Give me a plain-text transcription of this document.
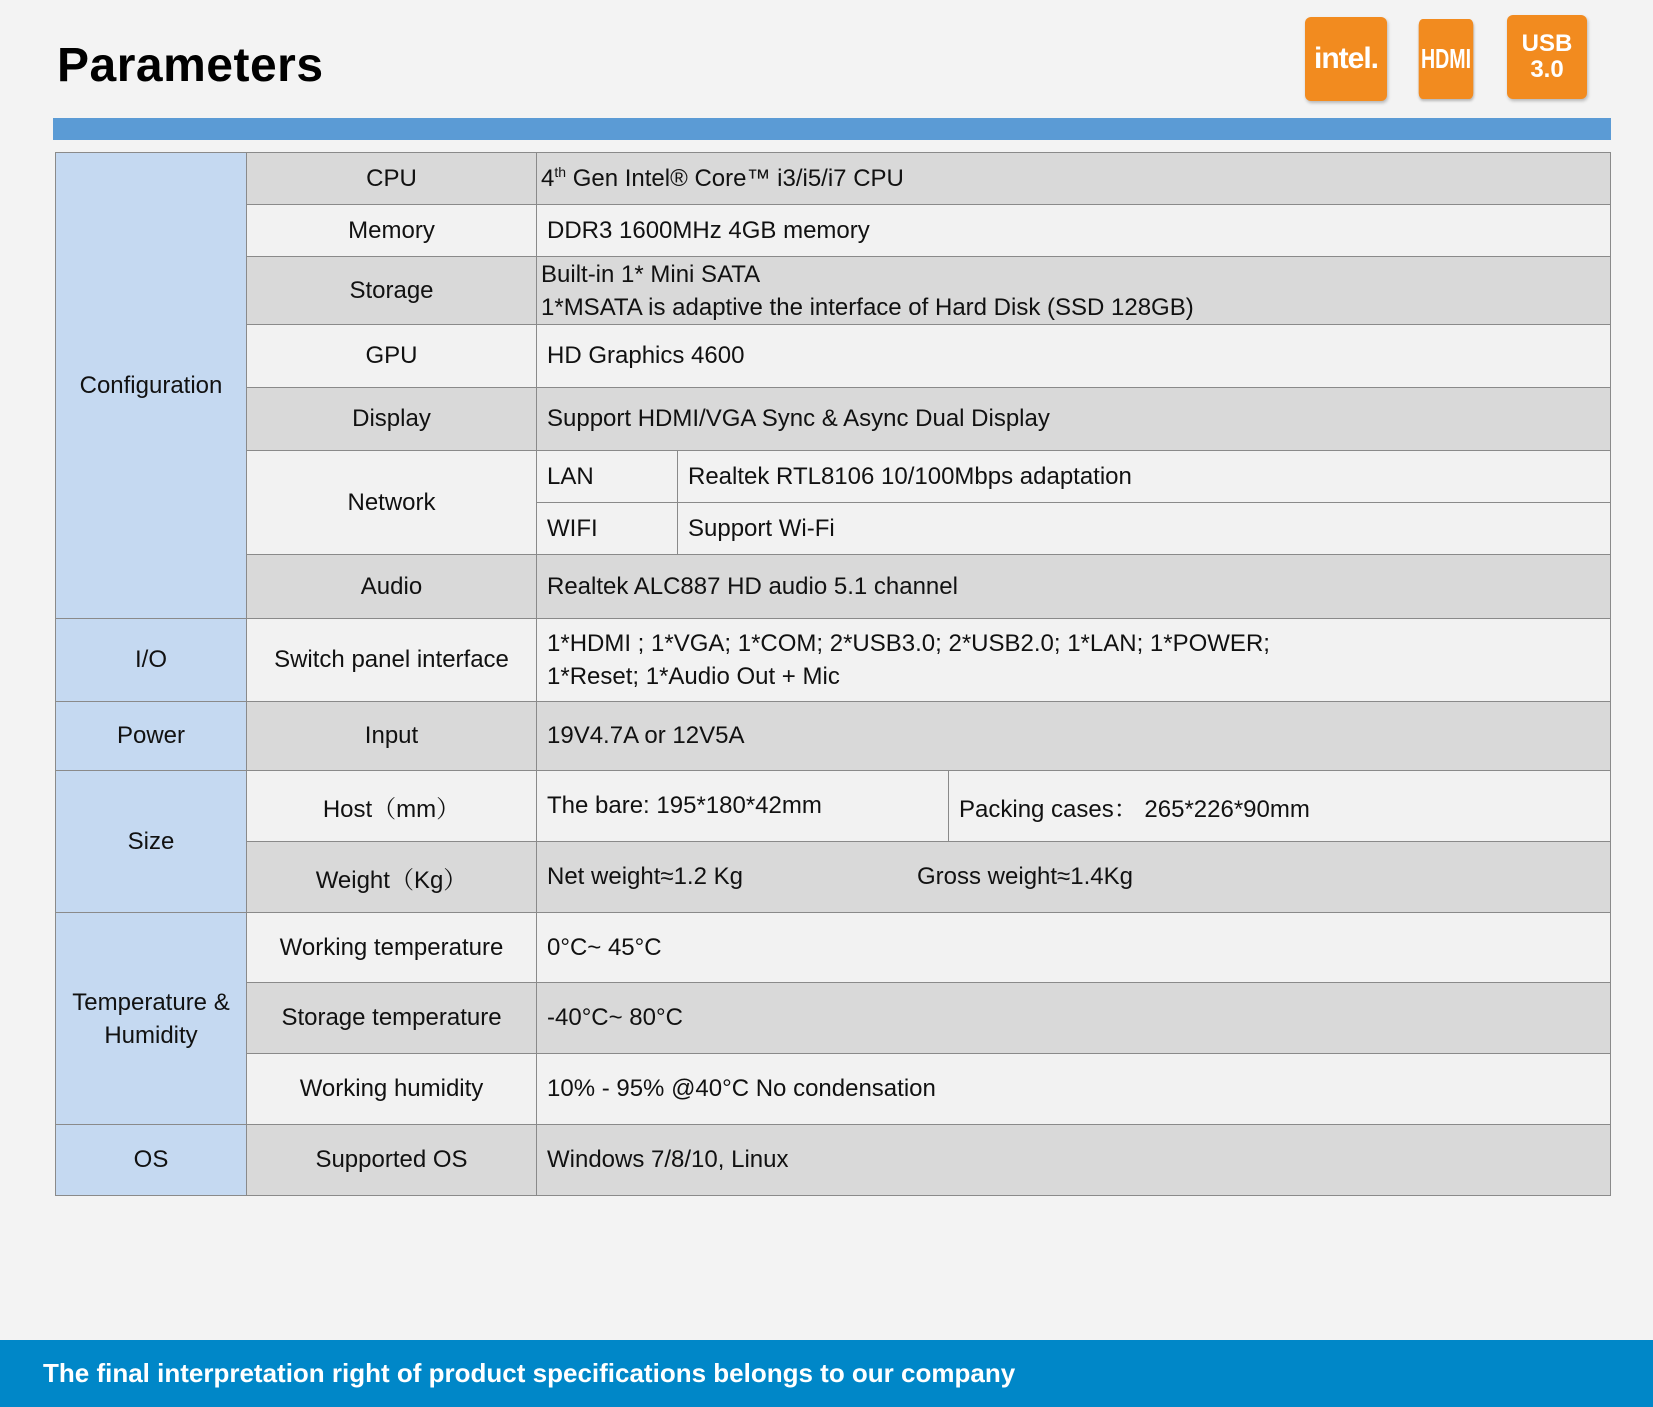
Parameters	intel.	HDMI USB
3.0
Configuration	CPU	4th Gen Intel® Core™ i3/i5/i7 CPU		
	Memory	DDR3 1600MHz 4GB memory		
	Storage	Built-in 1* Mini SATA
1*MSATA is adaptive the interface of Hard Disk (SSD 128GB)		

	GPU	HD Graphics 4600		
	Display	Support HDMI/VGA Sync & Async Dual Display		
	Network	LAN	Realtek RTL8106 10/100Mbps adaptation	
		WIFI	Support Wi-Fi	
	Audio	Realtek ALC887 HD audio 5.1 channel		
I/O	Switch panel interface	1*HDMI ; 1*VGA; 1*COM; 2*USB3.0; 2*USB2.0; 1*LAN; 1*POWER;
1*Reset; 1*Audio Out + Mic		

Power	Input	19V4.7A or 12V5A		
Size	Host（mm）	The bare: 195*180*42mm		Packing cases： 265*226*90mm
	Weight（Kg）	Net weight≈1.2 Kg Gross weight≈1.4Kg		

Temperature &
Humidity	Working temperature	0°C~ 45°C		
	Storage temperature	-40°C~ 80°C		
	Working humidity	10% - 95% @40°C No condensation		
OS	Supported OS	Windows 7/8/10, Linux		
The final interpretation right of product specifications belongs to our company
